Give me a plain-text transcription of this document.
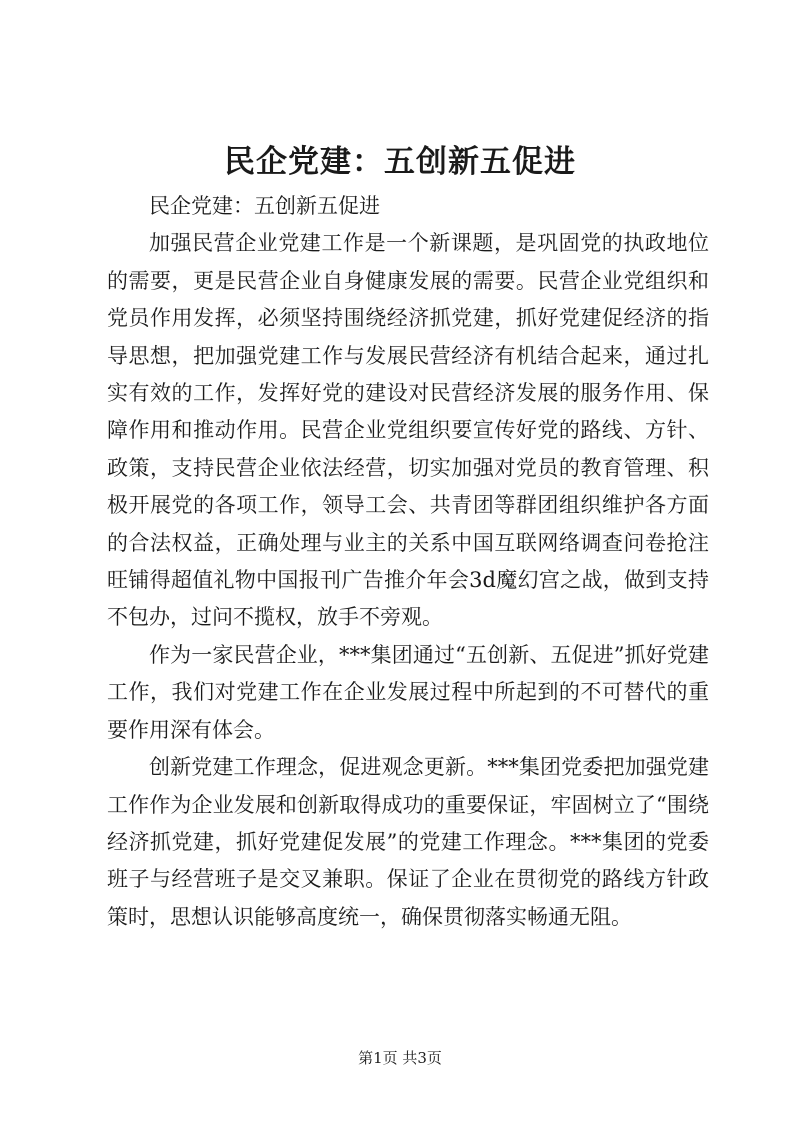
民企党建：五创新五促进

民企党建：五创新五促进

加强民营企业党建工作是一个新课题，是巩固党的执政地位的需要，更是民营企业自身健康发展的需要。民营企业党组织和党员作用发挥，必须坚持围绕经济抓党建，抓好党建促经济的指导思想，把加强党建工作与发展民营经济有机结合起来，通过扎实有效的工作，发挥好党的建设对民营经济发展的服务作用、保障作用和推动作用。民营企业党组织要宣传好党的路线、方针、政策，支持民营企业依法经营，切实加强对党员的教育管理、积极开展党的各项工作，领导工会、共青团等群团组织维护各方面的合法权益，正确处理与业主的关系中国互联网络调查问卷抢注旺铺得超值礼物中国报刊广告推介年会3d魔幻宫之战，做到支持不包办，过问不揽权，放手不旁观。

作为一家民营企业，***集团通过“五创新、五促进”抓好党建工作，我们对党建工作在企业发展过程中所起到的不可替代的重要作用深有体会。

创新党建工作理念，促进观念更新。***集团党委把加强党建工作作为企业发展和创新取得成功的重要保证，牢固树立了“围绕经济抓党建，抓好党建促发展”的党建工作理念。***集团的党委班子与经营班子是交叉兼职。保证了企业在贯彻党的路线方针政策时，思想认识能够高度统一，确保贯彻落实畅通无阻。

第1页 共3页
